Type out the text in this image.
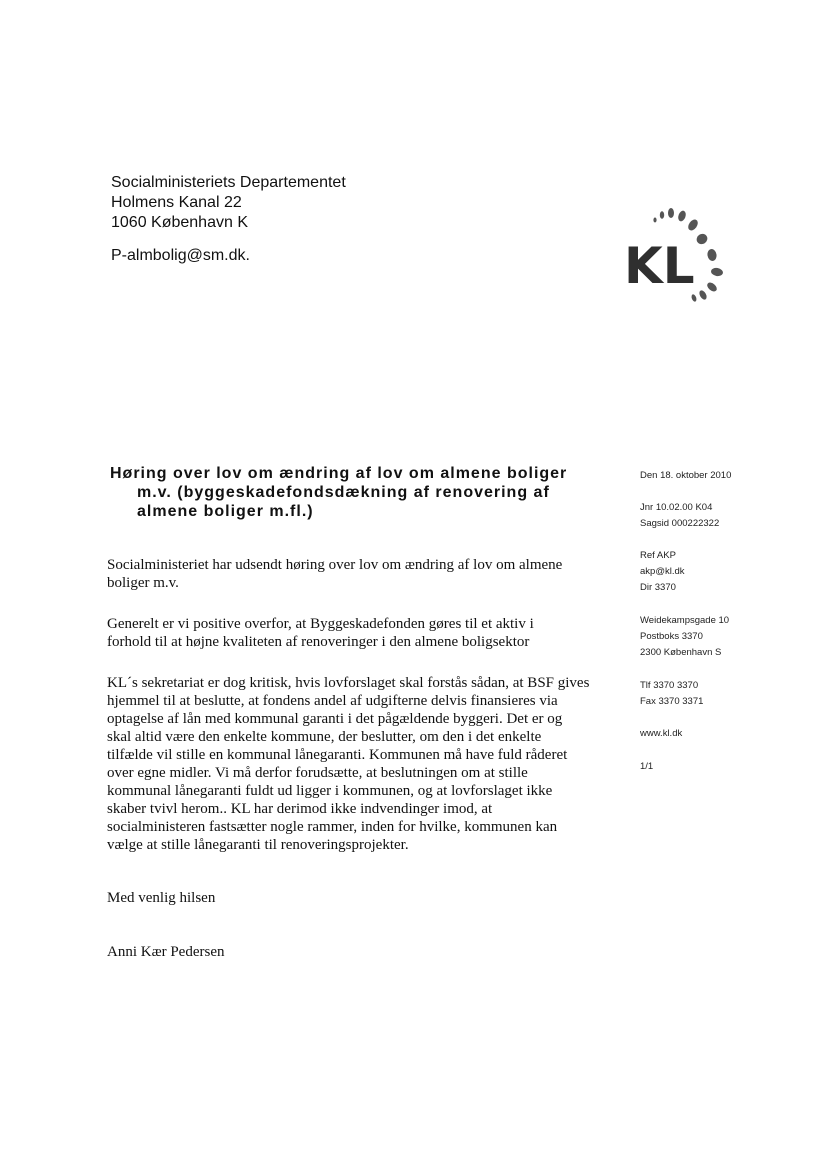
Socialministeriets Departementet
Holmens Kanal 22
1060 København K
P-almbolig@sm.dk.	KL
Høring over lov om ændring af lov om almene boliger
m.v. (byggeskadefondsdækning af renovering af
almene boliger m.fl.)
Den 18. oktober 2010
Jnr 10.02.00 K04
Sagsid 000222322
Ref AKP
akp@kl.dk
Dir 3370
Weidekampsgade 10
Postboks 3370
2300 København S
Tlf 3370 3370
Fax 3370 3371
www.kl.dk
1/1
Socialministeriet har udsendt høring over lov om ændring af lov om almene
boliger m.v.
Generelt er vi positive overfor, at Byggeskadefonden gøres til et aktiv i
forhold til at højne kvaliteten af renoveringer i den almene boligsektor
KL´s sekretariat er dog kritisk, hvis lovforslaget skal forstås sådan, at BSF gives
hjemmel til at beslutte, at fondens andel af udgifterne delvis finansieres via
optagelse af lån med kommunal garanti i det pågældende byggeri. Det er og
skal altid være den enkelte kommune, der beslutter, om den i det enkelte
tilfælde vil stille en kommunal lånegaranti. Kommunen må have fuld råderet
over egne midler. Vi må derfor forudsætte, at beslutningen om at stille
kommunal lånegaranti fuldt ud ligger i kommunen, og at lovforslaget ikke
skaber tvivl herom.. KL har derimod ikke indvendinger imod, at
socialministeren fastsætter nogle rammer, inden for hvilke, kommunen kan
vælge at stille lånegaranti til renoveringsprojekter.
Med venlig hilsen
Anni Kær Pedersen
